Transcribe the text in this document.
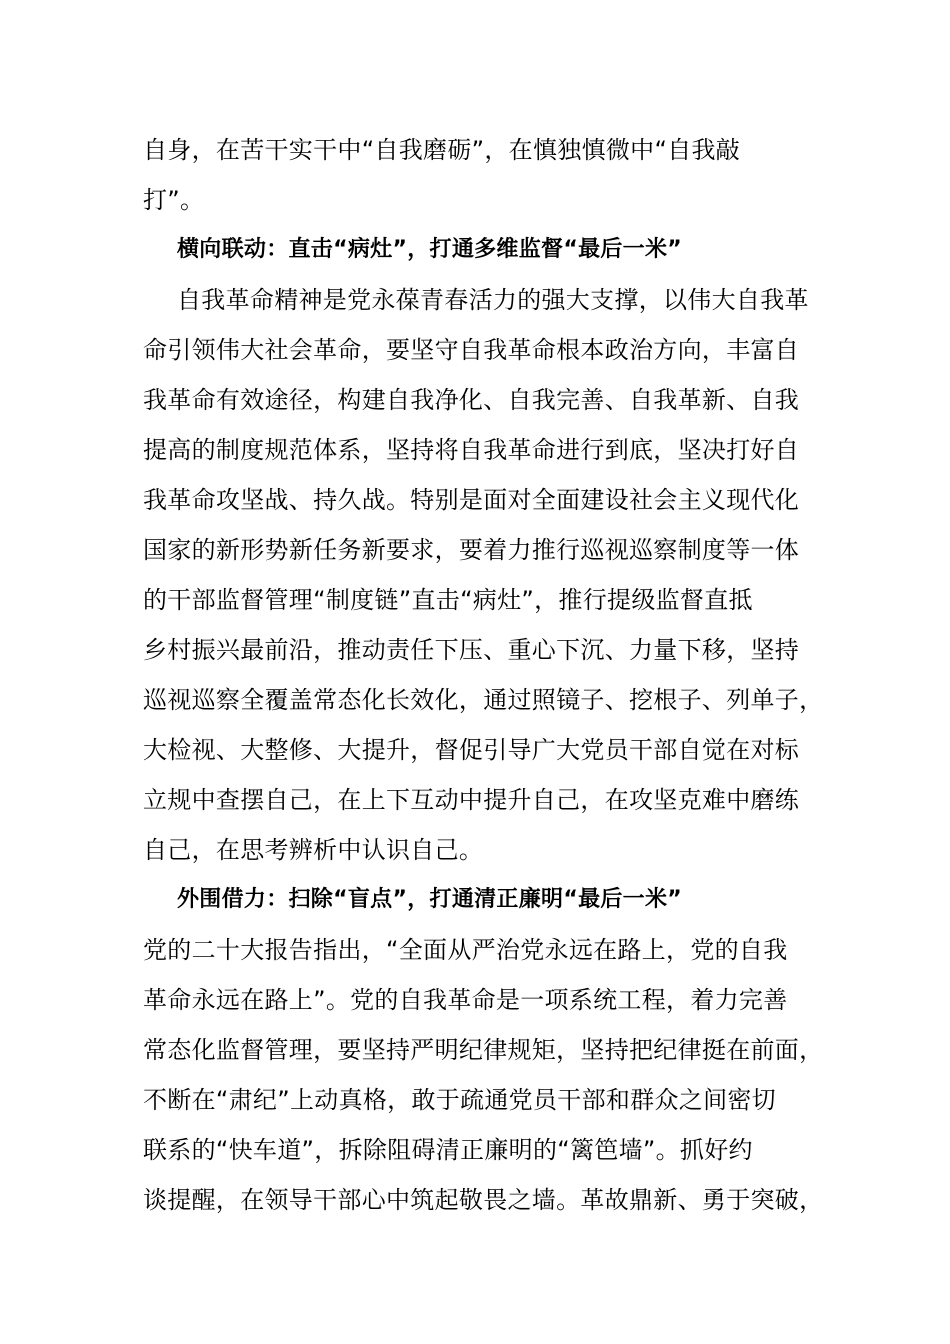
自身，在苦干实干中“自我磨砺”，在慎独慎微中“自我敲
打”。
横向联动：直击“病灶”，打通多维监督“最后一米”
自我革命精神是党永葆青春活力的强大支撑，以伟大自我革
命引领伟大社会革命，要坚守自我革命根本政治方向，丰富自
我革命有效途径，构建自我净化、自我完善、自我革新、自我
提高的制度规范体系，坚持将自我革命进行到底，坚决打好自
我革命攻坚战、持久战。特别是面对全面建设社会主义现代化
国家的新形势新任务新要求，要着力推行巡视巡察制度等一体
的干部监督管理“制度链”直击“病灶”，推行提级监督直抵
乡村振兴最前沿，推动责任下压、重心下沉、力量下移，坚持
巡视巡察全覆盖常态化长效化，通过照镜子、挖根子、列单子，
大检视、大整修、大提升，督促引导广大党员干部自觉在对标
立规中查摆自己，在上下互动中提升自己，在攻坚克难中磨练
自己，在思考辨析中认识自己。
外围借力：扫除“盲点”，打通清正廉明“最后一米”
党的二十大报告指出，“全面从严治党永远在路上，党的自我
革命永远在路上”。党的自我革命是一项系统工程，着力完善
常态化监督管理，要坚持严明纪律规矩，坚持把纪律挺在前面，
不断在“肃纪”上动真格，敢于疏通党员干部和群众之间密切
联系的“快车道”，拆除阻碍清正廉明的“篱笆墙”。抓好约
谈提醒，在领导干部心中筑起敬畏之墙。革故鼎新、勇于突破，
